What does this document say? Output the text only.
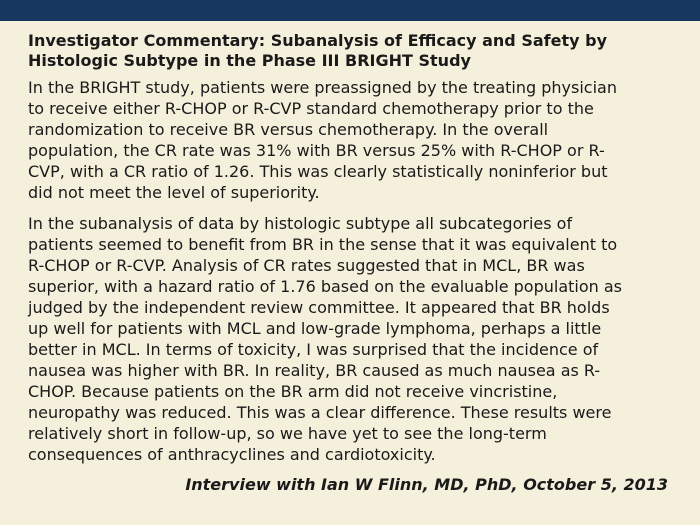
Investigator Commentary: Subanalysis of Efficacy and Safety by
Histologic Subtype in the Phase III BRIGHT Study
In the BRIGHT study, patients were preassigned by the treating physician
to receive either R-CHOP or R-CVP standard chemotherapy prior to the
randomization to receive BR versus chemotherapy. In the overall
population, the CR rate was 31% with BR versus 25% with R-CHOP or R-
CVP, with a CR ratio of 1.26. This was clearly statistically noninferior but
did not meet the level of superiority.
In the subanalysis of data by histologic subtype all subcategories of
patients seemed to benefit from BR in the sense that it was equivalent to
R-CHOP or R-CVP. Analysis of CR rates suggested that in MCL, BR was
superior, with a hazard ratio of 1.76 based on the evaluable population as
judged by the independent review committee. It appeared that BR holds
up well for patients with MCL and low-grade lymphoma, perhaps a little
better in MCL. In terms of toxicity, I was surprised that the incidence of
nausea was higher with BR. In reality, BR caused as much nausea as R-
CHOP. Because patients on the BR arm did not receive vincristine,
neuropathy was reduced. This was a clear difference. These results were
relatively short in follow-up, so we have yet to see the long-term
consequences of anthracyclines and cardiotoxicity.
Interview with Ian W Flinn, MD, PhD, October 5, 2013
